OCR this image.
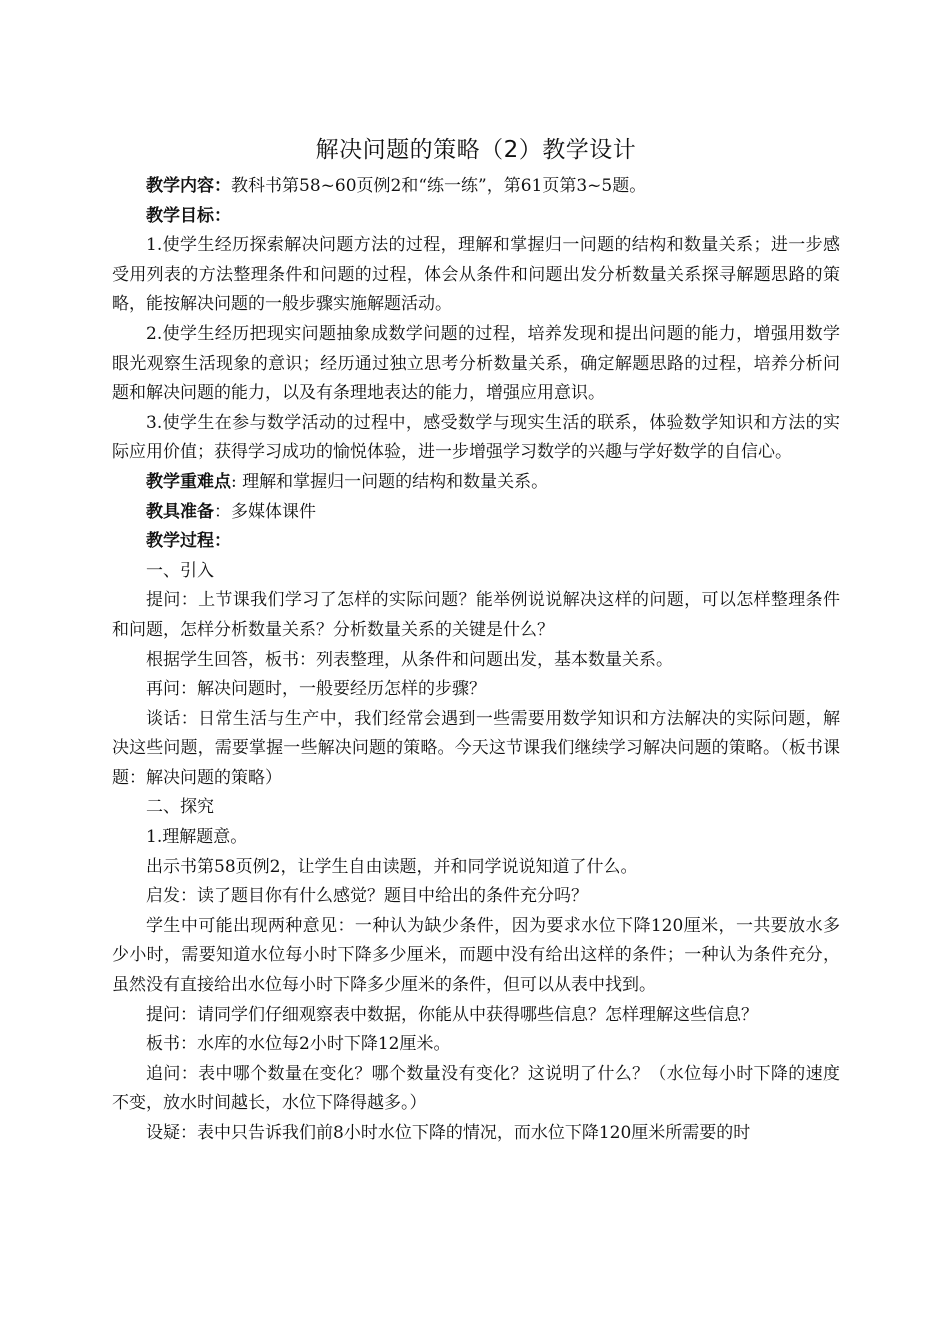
解决问题的策略（2）教学设计

教学内容：教科书第58~60页例2和“练一练”，第61页第3~5题。

教学目标：

1.使学生经历探索解决问题方法的过程，理解和掌握归一问题的结构和数量关系；进一步感受用列表的方法整理条件和问题的过程，体会从条件和问题出发分析数量关系探寻解题思路的策略，能按解决问题的一般步骤实施解题活动。

2.使学生经历把现实问题抽象成数学问题的过程，培养发现和提出问题的能力，增强用数学眼光观察生活现象的意识；经历通过独立思考分析数量关系，确定解题思路的过程，培养分析问题和解决问题的能力，以及有条理地表达的能力，增强应用意识。

3.使学生在参与数学活动的过程中，感受数学与现实生活的联系，体验数学知识和方法的实际应用价值；获得学习成功的愉悦体验，进一步增强学习数学的兴趣与学好数学的自信心。

教学重难点: 理解和掌握归一问题的结构和数量关系。

教具准备：多媒体课件

教学过程：

一、引入

提问：上节课我们学习了怎样的实际问题？能举例说说解决这样的问题，可以怎样整理条件和问题，怎样分析数量关系？分析数量关系的关键是什么？

根据学生回答，板书：列表整理，从条件和问题出发，基本数量关系。

再问：解决问题时，一般要经历怎样的步骤？

谈话：日常生活与生产中，我们经常会遇到一些需要用数学知识和方法解决的实际问题，解决这些问题，需要掌握一些解决问题的策略。今天这节课我们继续学习解决问题的策略。（板书课题：解决问题的策略）

二、探究

1.理解题意。

出示书第58页例2，让学生自由读题，并和同学说说知道了什么。

启发：读了题目你有什么感觉？题目中给出的条件充分吗？

学生中可能出现两种意见：一种认为缺少条件，因为要求水位下降120厘米，一共要放水多少小时，需要知道水位每小时下降多少厘米，而题中没有给出这样的条件；一种认为条件充分，虽然没有直接给出水位每小时下降多少厘米的条件，但可以从表中找到。

提问：请同学们仔细观察表中数据，你能从中获得哪些信息？怎样理解这些信息？

板书：水库的水位每2小时下降12厘米。

追问：表中哪个数量在变化？哪个数量没有变化？这说明了什么？（水位每小时下降的速度不变，放水时间越长，水位下降得越多。）

设疑：表中只告诉我们前8小时水位下降的情况，而水位下降120厘米所需要的时
